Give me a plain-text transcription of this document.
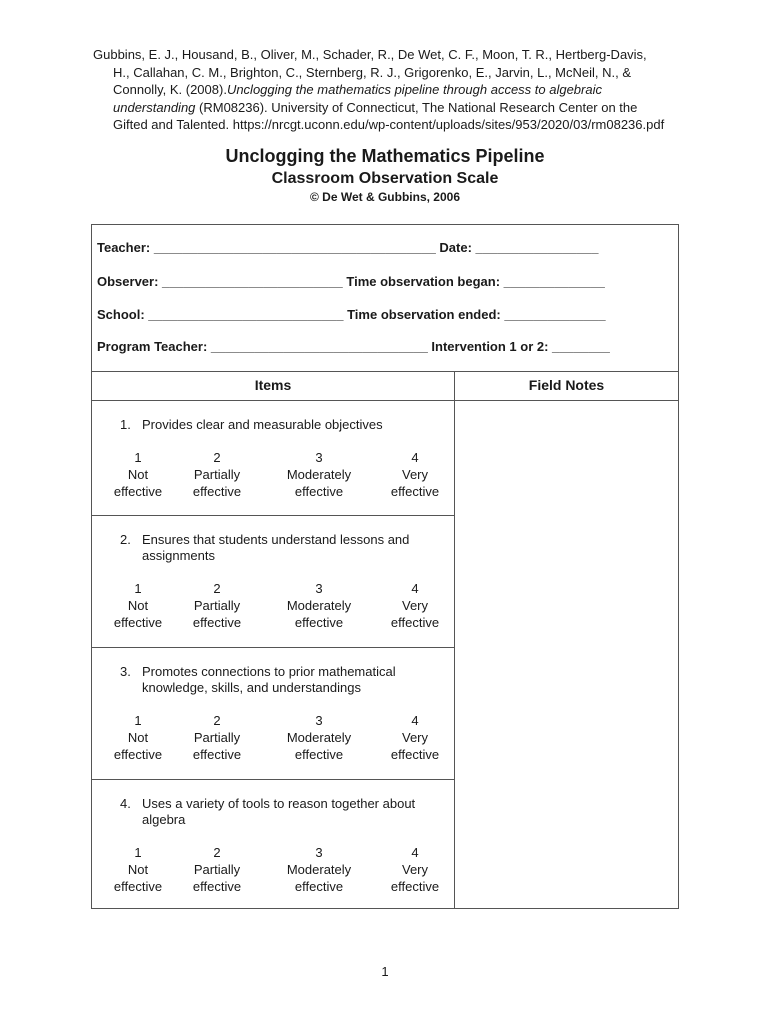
Gubbins, E. J., Housand, B., Oliver, M., Schader, R., De Wet, C. F., Moon, T. R., Hertberg-Davis,
H., Callahan, C. M., Brighton, C., Sternberg, R. J., Grigorenko, E., Jarvin, L., McNeil, N., &
Connolly, K. (2008).Unclogging the mathematics pipeline through access to algebraic
understanding (RM08236). University of Connecticut, The National Research Center on the
Gifted and Talented. https://nrcgt.uconn.edu/wp-content/uploads/sites/953/2020/03/rm08236.pdf
Unclogging the Mathematics Pipeline
Classroom Observation Scale
© De Wet & Gubbins, 2006
Teacher: _______________________________________ Date: _________________
Observer: _________________________ Time observation began: ______________
School: ___________________________ Time observation ended: ______________
Program Teacher: ______________________________ Intervention 1 or 2: ________
Items	Field Notes
1. Provides clear and measurable objectives
1
Not
effective
2
Partially
effective
3
Moderately
effective
4
Very
effective
2. Ensures that students understand lessons and
assignments
1
Not
effective
2
Partially
effective
3
Moderately
effective
4
Very
effective
3. Promotes connections to prior mathematical
knowledge, skills, and understandings
1
Not
effective
2
Partially
effective
3
Moderately
effective
4
Very
effective
4. Uses a variety of tools to reason together about
algebra
1
Not
effective
2
Partially
effective
3
Moderately
effective
4
Very
effective
1
